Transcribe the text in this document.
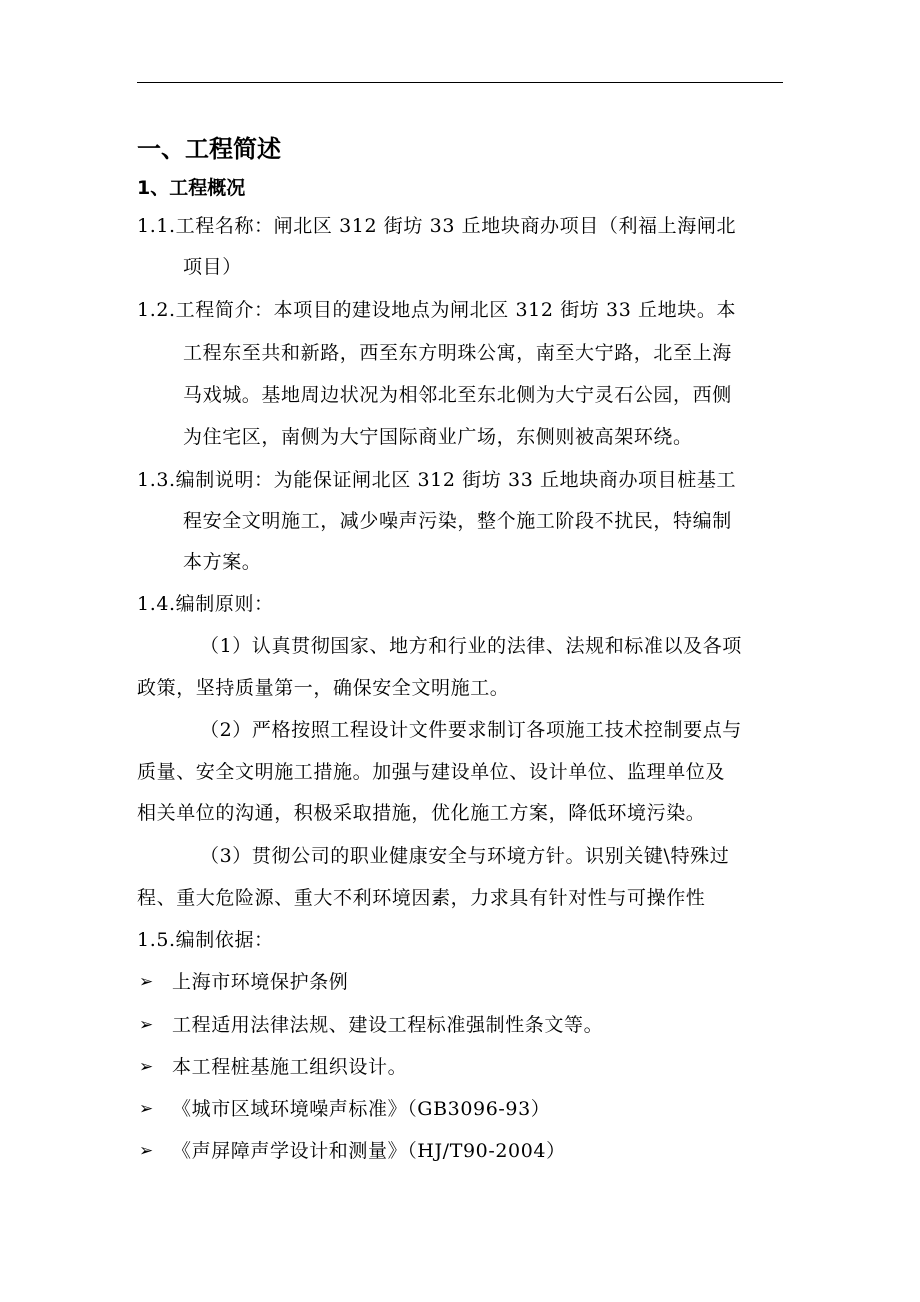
一、工程简述
1、工程概况
1.1.工程名称：闸北区 312 街坊 33 丘地块商办项目（利福上海闸北
项目）
1.2.工程简介：本项目的建设地点为闸北区 312 街坊 33 丘地块。本
工程东至共和新路，西至东方明珠公寓，南至大宁路，北至上海
马戏城。基地周边状况为相邻北至东北侧为大宁灵石公园，西侧
为住宅区，南侧为大宁国际商业广场，东侧则被高架环绕。
1.3.编制说明：为能保证闸北区 312 街坊 33 丘地块商办项目桩基工
程安全文明施工，减少噪声污染，整个施工阶段不扰民，特编制
本方案。
1.4.编制原则：
（1）认真贯彻国家、地方和行业的法律、法规和标准以及各项
政策，坚持质量第一，确保安全文明施工。
（2）严格按照工程设计文件要求制订各项施工技术控制要点与
质量、安全文明施工措施。加强与建设单位、设计单位、监理单位及
相关单位的沟通，积极采取措施，优化施工方案，降低环境污染。
（3）贯彻公司的职业健康安全与环境方针。识别关键\特殊过
程、重大危险源、重大不利环境因素，力求具有针对性与可操作性
1.5.编制依据：
➢ 上海市环境保护条例
➢ 工程适用法律法规、建设工程标准强制性条文等。
➢ 本工程桩基施工组织设计。
➢ 《城市区域环境噪声标准》（GB3096-93）
➢ 《声屏障声学设计和测量》（HJ/T90-2004）
